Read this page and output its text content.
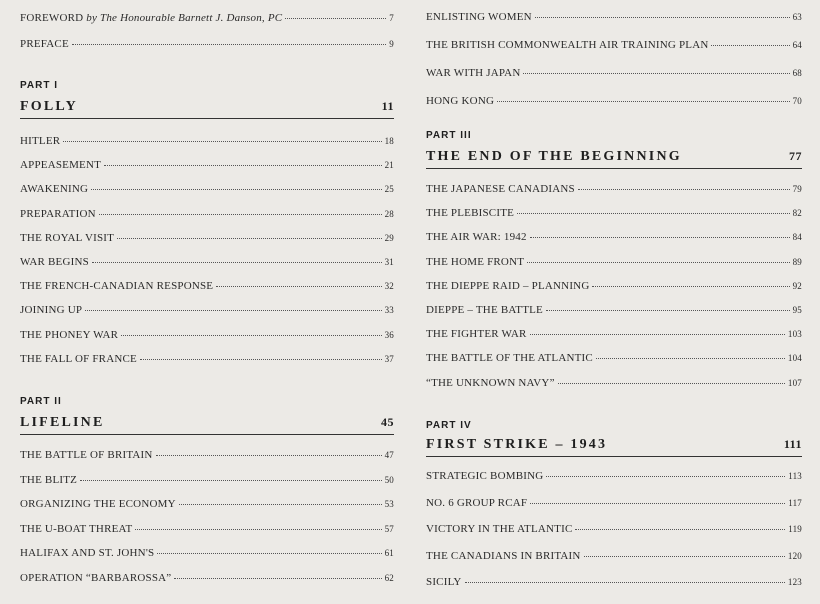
FOREWORD by The Honourable Barnett J. Danson, PC	7
PREFACE	9
PART I
FOLLY	11
HITLER	18
APPEASEMENT	21
AWAKENING	25
PREPARATION	28
THE ROYAL VISIT	29
WAR BEGINS	31
THE FRENCH-CANADIAN RESPONSE	32
JOINING UP	33
THE PHONEY WAR	36
THE FALL OF FRANCE	37
PART II
LIFELINE	45
THE BATTLE OF BRITAIN	47
THE BLITZ	50
ORGANIZING THE ECONOMY	53
THE U-BOAT THREAT	57
HALIFAX AND ST. JOHN'S	61
OPERATION “BARBAROSSA”	62
ENLISTING WOMEN	63
THE BRITISH COMMONWEALTH AIR TRAINING PLAN	64
WAR WITH JAPAN	68
HONG KONG	70
PART III
THE END OF THE BEGINNING	77
THE JAPANESE CANADIANS	79
THE PLEBISCITE	82
THE AIR WAR: 1942	84
THE HOME FRONT	89
THE DIEPPE RAID – PLANNING	92
DIEPPE – THE BATTLE	95
THE FIGHTER WAR	103
THE BATTLE OF THE ATLANTIC	104
“THE UNKNOWN NAVY”	107
PART IV
FIRST STRIKE – 1943	111
STRATEGIC BOMBING	113
NO. 6 GROUP RCAF	117
VICTORY IN THE ATLANTIC	119
THE CANADIANS IN BRITAIN	120
SICILY	123
